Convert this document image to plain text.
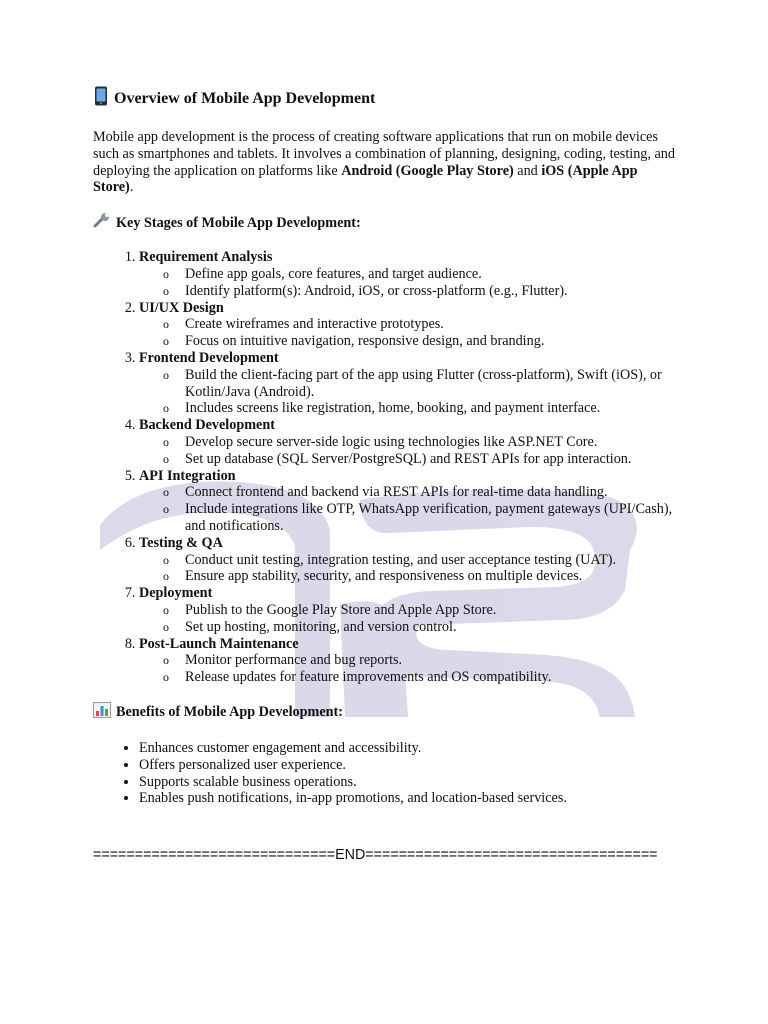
Overview of Mobile App Development

Mobile app development is the process of creating software applications that run on mobile devices such as smartphones and tablets. It involves a combination of planning, designing, coding, testing, and deploying the application on platforms like Android (Google Play Store) and iOS (Apple App Store).

Key Stages of Mobile App Development:
1. Requirement Analysis
o Define app goals, core features, and target audience.
o Identify platform(s): Android, iOS, or cross-platform (e.g., Flutter).
2. UI/UX Design
o Create wireframes and interactive prototypes.
o Focus on intuitive navigation, responsive design, and branding.
3. Frontend Development
o Build the client-facing part of the app using Flutter (cross-platform), Swift (iOS), or Kotlin/Java (Android).
o Includes screens like registration, home, booking, and payment interface.
4. Backend Development
o Develop secure server-side logic using technologies like ASP.NET Core.
o Set up database (SQL Server/PostgreSQL) and REST APIs for app interaction.
5. API Integration
o Connect frontend and backend via REST APIs for real-time data handling.
o Include integrations like OTP, WhatsApp verification, payment gateways (UPI/Cash), and notifications.
6. Testing & QA
o Conduct unit testing, integration testing, and user acceptance testing (UAT).
o Ensure app stability, security, and responsiveness on multiple devices.
7. Deployment
o Publish to the Google Play Store and Apple App Store.
o Set up hosting, monitoring, and version control.
8. Post-Launch Maintenance
o Monitor performance and bug reports.
o Release updates for feature improvements and OS compatibility.
Benefits of Mobile App Development:
• Enhances customer engagement and accessibility.
• Offers personalized user experience.
• Supports scalable business operations.
• Enables push notifications, in-app promotions, and location-based services.
=============================END===================================
